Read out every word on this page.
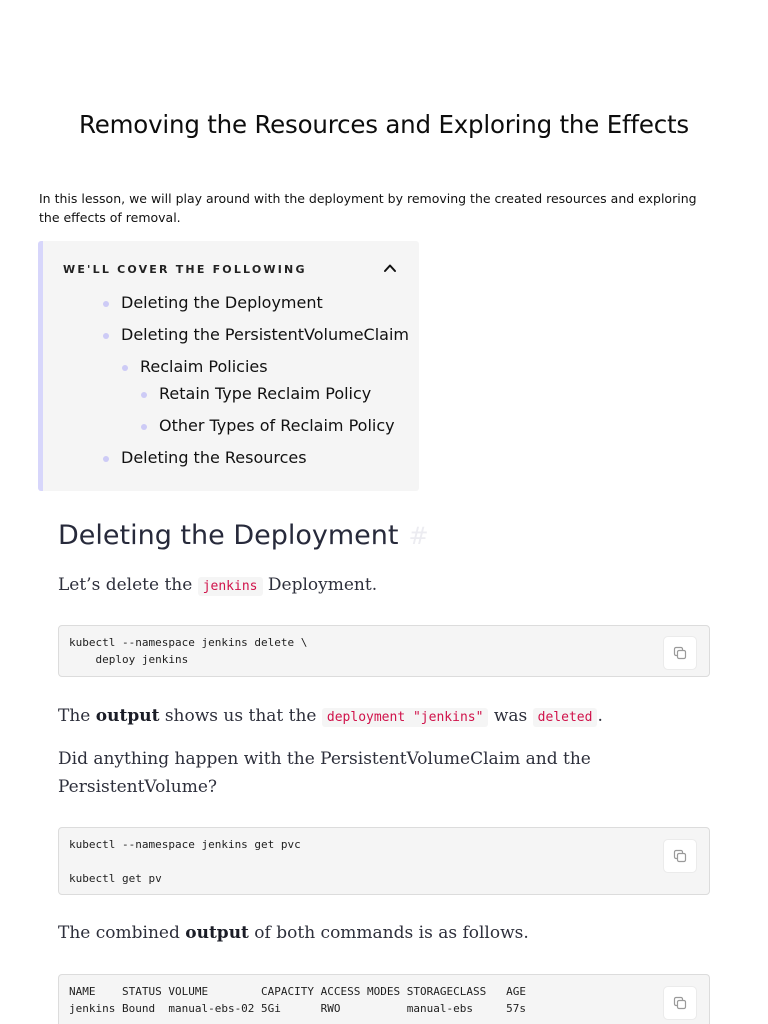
Removing the Resources and Exploring the Effects
In this lesson, we will play around with the deployment by removing the created resources and exploring the effects of removal.
WE'LL COVER THE FOLLOWING
Deleting the Deployment
Deleting the PersistentVolumeClaim
Reclaim Policies
Retain Type Reclaim Policy
Other Types of Reclaim Policy
Deleting the Resources
Deleting the Deployment #
Let’s delete the jenkins Deployment.
kubectl --namespace jenkins delete \
deploy jenkins
The output shows us that the deployment "jenkins" was deleted .
Did anything happen with the PersistentVolumeClaim and the PersistentVolume?
kubectl --namespace jenkins get pvc

kubectl get pv
The combined output of both commands is as follows.
NAME    STATUS VOLUME        CAPACITY ACCESS MODES STORAGECLASS   AGE
jenkins Bound  manual-ebs-02 5Gi      RWO          manual-ebs     57s
